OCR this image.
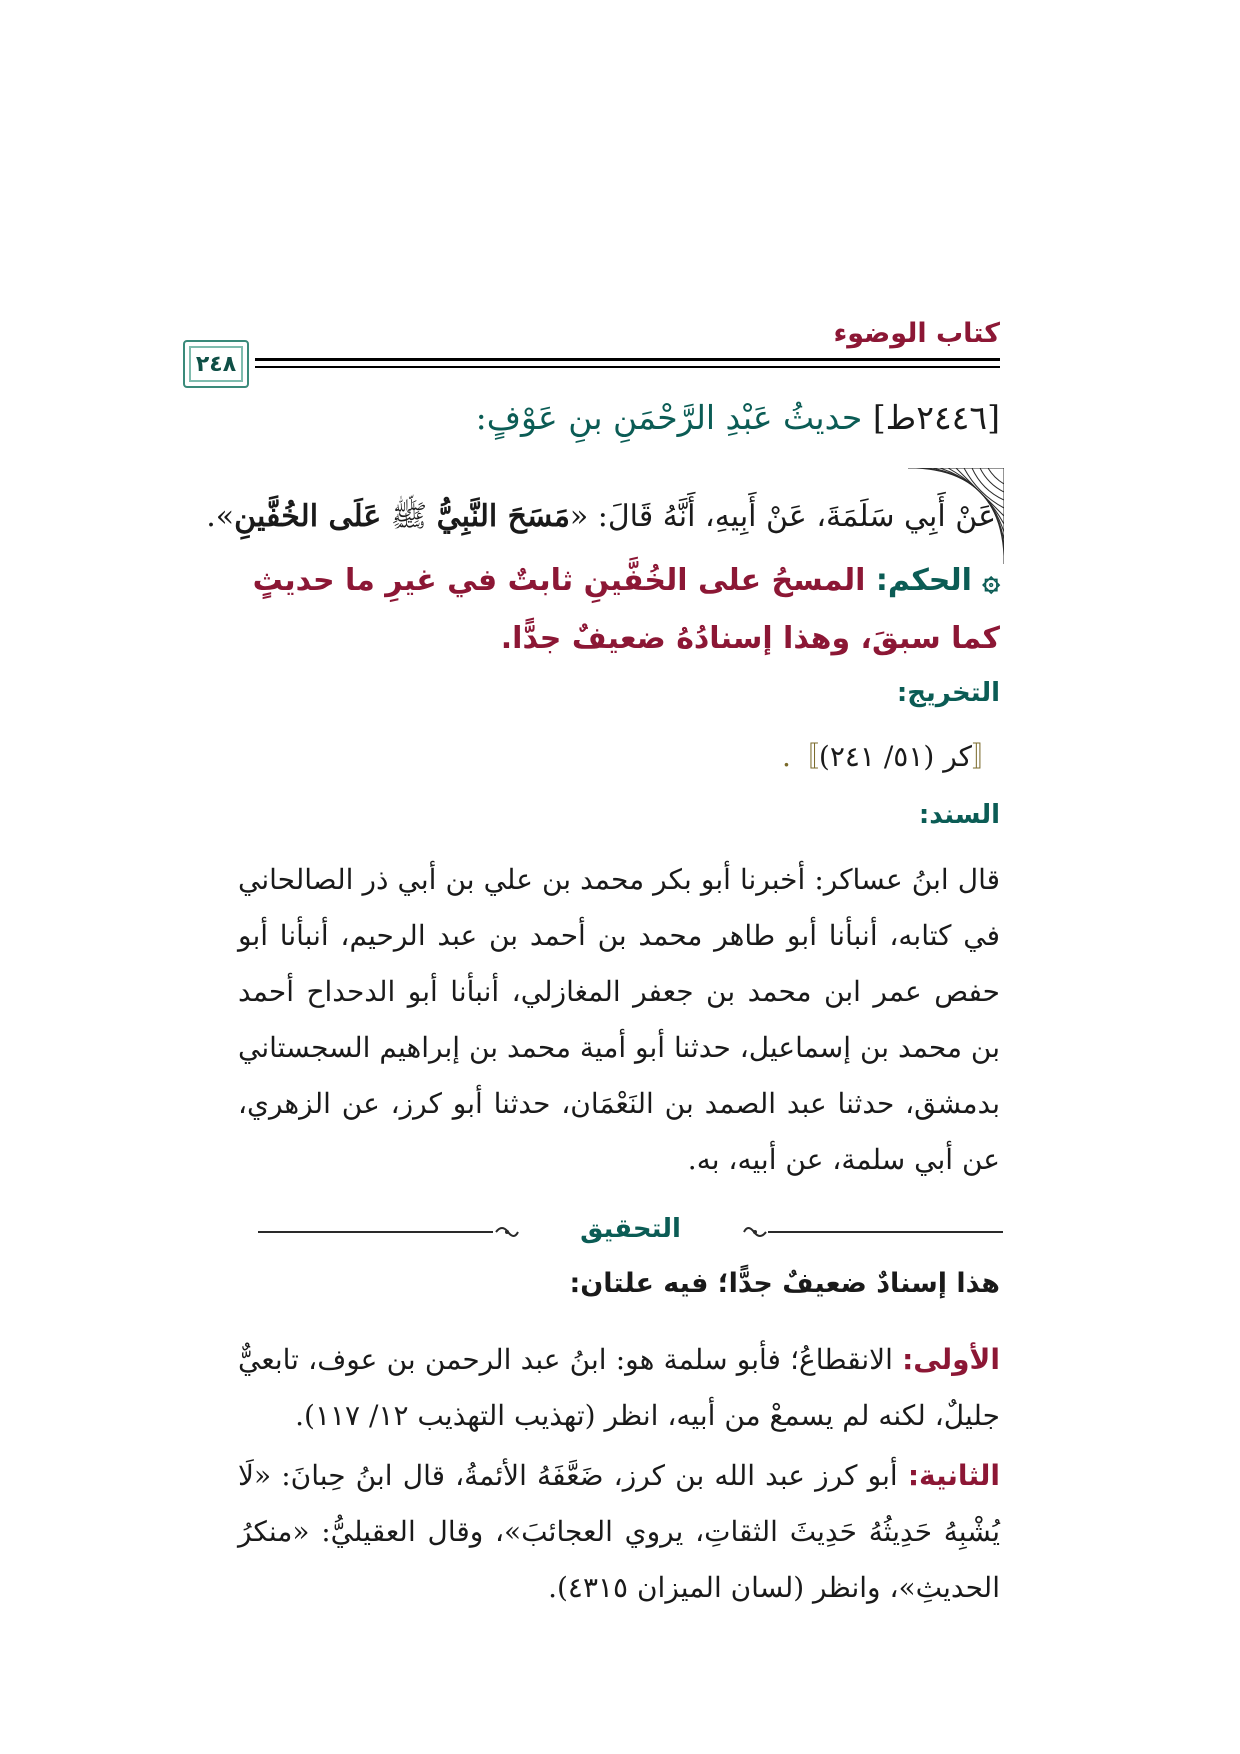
كتاب الوضوء
٢٤٨
[٢٤٤٦ط] حديثُ عَبْدِ الرَّحْمَنِ بنِ عَوْفٍ:
عَنْ أَبِي سَلَمَةَ، عَنْ أَبِيهِ، أَنَّهُ قَالَ: «مَسَحَ النَّبِيُّ ﷺ عَلَى الخُفَّينِ».
۞ الحكم: المسحُ على الخُفَّينِ ثابتٌ في غيرِ ما حديثٍ كما سبقَ، وهذا إسنادُهُ ضعيفٌ جدًّا.
التخريج:
〚كر (٥١/ ٢٤١)〛.
السند:
قال ابنُ عساكر: أخبرنا أبو بكر محمد بن علي بن أبي ذر الصالحاني في كتابه، أنبأنا أبو طاهر محمد بن أحمد بن عبد الرحيم، أنبأنا أبو حفص عمر ابن محمد بن جعفر المغازلي، أنبأنا أبو الدحداح أحمد بن محمد بن إسماعيل، حدثنا أبو أمية محمد بن إبراهيم السجستاني بدمشق، حدثنا عبد الصمد بن النَعْمَان، حدثنا أبو كرز، عن الزهري، عن أبي سلمة، عن أبيه، به.
التحقيق
هذا إسنادٌ ضعيفٌ جدًّا؛ فيه علتان:
الأولى: الانقطاعُ؛ فأبو سلمة هو: ابنُ عبد الرحمن بن عوف، تابعيٌّ جليلٌ، لكنه لم يسمعْ من أبيه، انظر (تهذيب التهذيب ١٢/ ١١٧).
الثانية: أبو كرز عبد الله بن كرز، ضَعَّفَهُ الأئمةُ، قال ابنُ حِبانَ: «لَا يُشْبِهُ حَدِيثُهُ حَدِيثَ الثقاتِ، يروي العجائبَ»، وقال العقيليُّ: «منكرُ الحديثِ»، وانظر (لسان الميزان ٤٣١٥).
